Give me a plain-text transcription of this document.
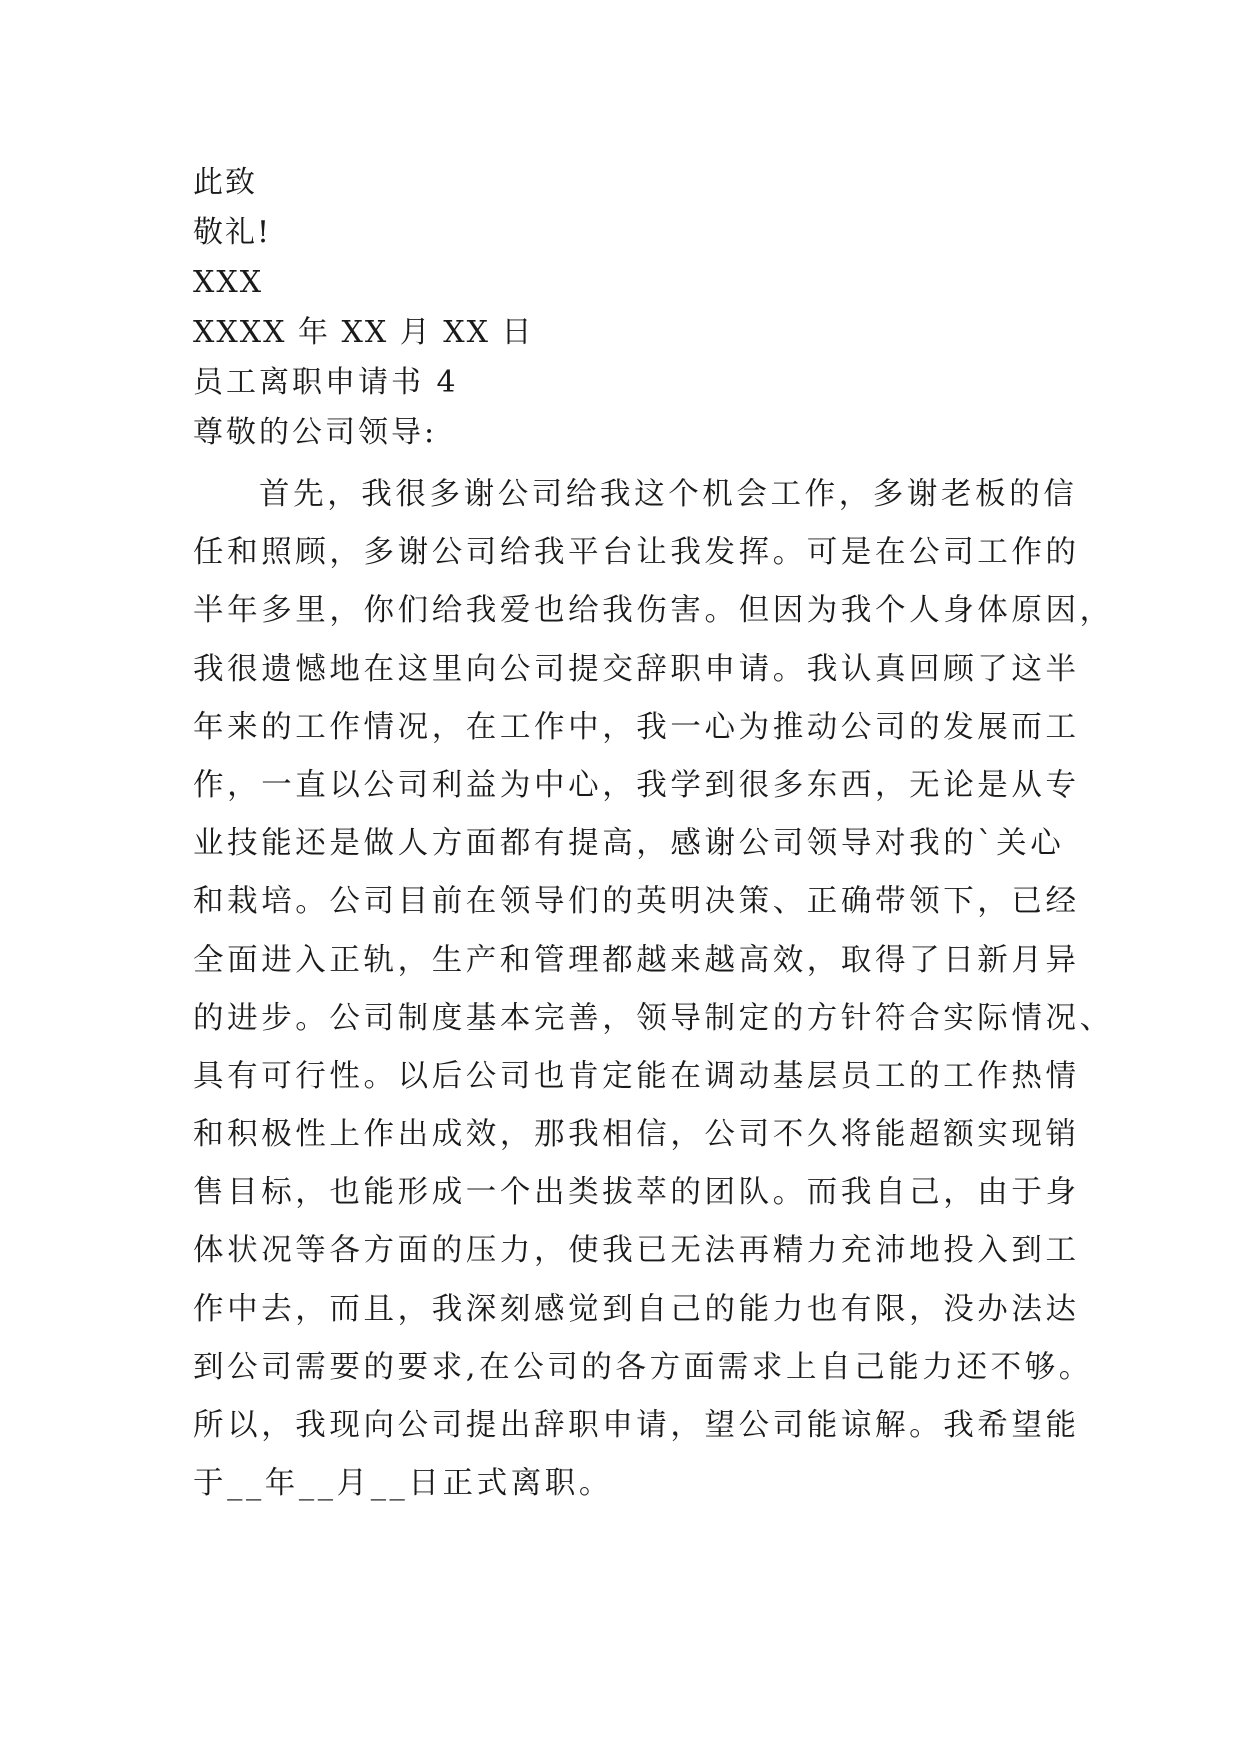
此致
敬礼!
XXX
XXXX 年 XX 月 XX 日
员工离职申请书 4
尊敬的公司领导:
首先，我很多谢公司给我这个机会工作，多谢老板的信
任和照顾，多谢公司给我平台让我发挥。可是在公司工作的
半年多里，你们给我爱也给我伤害。但因为我个人身体原因，
我很遗憾地在这里向公司提交辞职申请。我认真回顾了这半
年来的工作情况，在工作中，我一心为推动公司的发展而工
作，一直以公司利益为中心，我学到很多东西，无论是从专
业技能还是做人方面都有提高，感谢公司领导对我的`关心
和栽培。公司目前在领导们的英明决策、正确带领下，已经
全面进入正轨，生产和管理都越来越高效，取得了日新月异
的进步。公司制度基本完善，领导制定的方针符合实际情况、
具有可行性。以后公司也肯定能在调动基层员工的工作热情
和积极性上作出成效，那我相信，公司不久将能超额实现销
售目标，也能形成一个出类拔萃的团队。而我自己，由于身
体状况等各方面的压力，使我已无法再精力充沛地投入到工
作中去，而且，我深刻感觉到自己的能力也有限，没办法达
到公司需要的要求,在公司的各方面需求上自己能力还不够。
所以，我现向公司提出辞职申请，望公司能谅解。我希望能
于__年__月__日正式离职。
